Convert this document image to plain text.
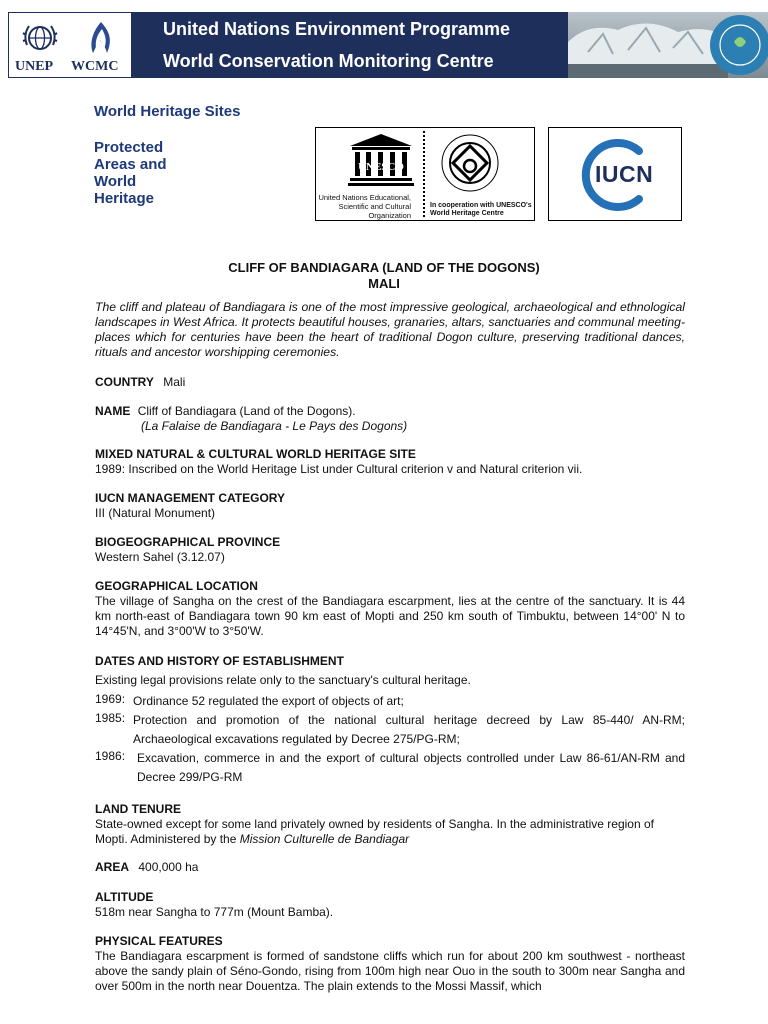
UNEP WCMC
United Nations Environment Programme
World Conservation Monitoring Centre
World Heritage Sites
Protected Areas and World Heritage
UNESCO
United Nations Educational, Scientific and Cultural Organization
In cooperation with UNESCO's World Heritage Centre
IUCN
CLIFF OF BANDIAGARA (LAND OF THE DOGONS)
MALI
The cliff and plateau of Bandiagara is one of the most impressive geological, archaeological and ethnological landscapes in West Africa. It protects beautiful houses, granaries, altars, sanctuaries and communal meeting-places which for centuries have been the heart of traditional Dogon culture, preserving traditional dances, rituals and ancestor worshipping ceremonies.
COUNTRY Mali
NAME Cliff of Bandiagara (Land of the Dogons).
(La Falaise de Bandiagara - Le Pays des Dogons)
MIXED NATURAL & CULTURAL WORLD HERITAGE SITE
1989: Inscribed on the World Heritage List under Cultural criterion v and Natural criterion vii.
IUCN MANAGEMENT CATEGORY
III (Natural Monument)
BIOGEOGRAPHICAL PROVINCE
Western Sahel (3.12.07)
GEOGRAPHICAL LOCATION
The village of Sangha on the crest of the Bandiagara escarpment, lies at the centre of the sanctuary. It is 44 km north-east of Bandiagara town 90 km east of Mopti and 250 km south of Timbuktu, between 14°00' N to 14°45'N, and 3°00'W to 3°50'W.
DATES AND HISTORY OF ESTABLISHMENT
Existing legal provisions relate only to the sanctuary's cultural heritage.
1969: Ordinance 52 regulated the export of objects of art;
1985: Protection and promotion of the national cultural heritage decreed by Law 85-440/ AN-RM; Archaeological excavations regulated by Decree 275/PG-RM;
1986: Excavation, commerce in and the export of cultural objects controlled under Law 86-61/AN-RM and Decree 299/PG-RM
LAND TENURE
State-owned except for some land privately owned by residents of Sangha. In the administrative region of Mopti. Administered by the Mission Culturelle de Bandiagar
AREA 400,000 ha
ALTITUDE
518m near Sangha to 777m (Mount Bamba).
PHYSICAL FEATURES
The Bandiagara escarpment is formed of sandstone cliffs which run for about 200 km southwest - northeast above the sandy plain of Séno-Gondo, rising from 100m high near Ouo in the south to 300m near Sangha and over 500m in the north near Douentza. The plain extends to the Mossi Massif, which
